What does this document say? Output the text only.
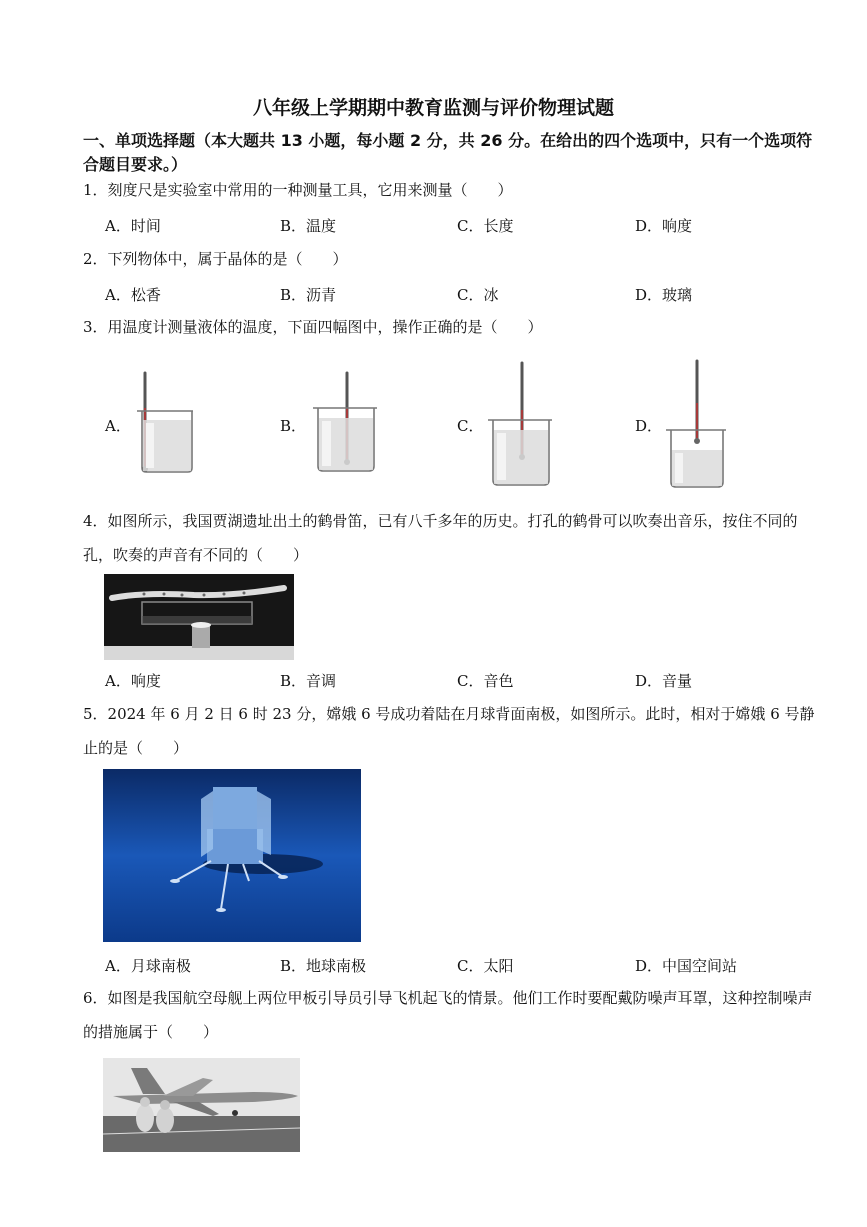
八年级上学期期中教育监测与评价物理试题
一、单项选择题（本大题共 13 小题，每小题 2 分，共 26 分。在给出的四个选项中，只有一个选项符合题目要求。）
1．刻度尺是实验室中常用的一种测量工具，它用来测量（　　）
A．时间	B．温度	C．长度	D．响度
2．下列物体中，属于晶体的是（　　）
A．松香	B．沥青	C．冰	D．玻璃
3．用温度计测量液体的温度，下面四幅图中，操作正确的是（　　）
A．	B．	C．	D．
4．如图所示，我国贾湖遗址出土的鹤骨笛，已有八千多年的历史。打孔的鹤骨可以吹奏出音乐，按住不同的孔，吹奏的声音有不同的（　　）
A．响度	B．音调	C．音色	D．音量
5．2024 年 6 月 2 日 6 时 23 分，嫦娥 6 号成功着陆在月球背面南极，如图所示。此时，相对于嫦娥 6 号静止的是（　　）
A．月球南极	B．地球南极	C．太阳	D．中国空间站
6．如图是我国航空母舰上两位甲板引导员引导飞机起飞的情景。他们工作时要配戴防噪声耳罩，这种控制噪声的措施属于（　　）
